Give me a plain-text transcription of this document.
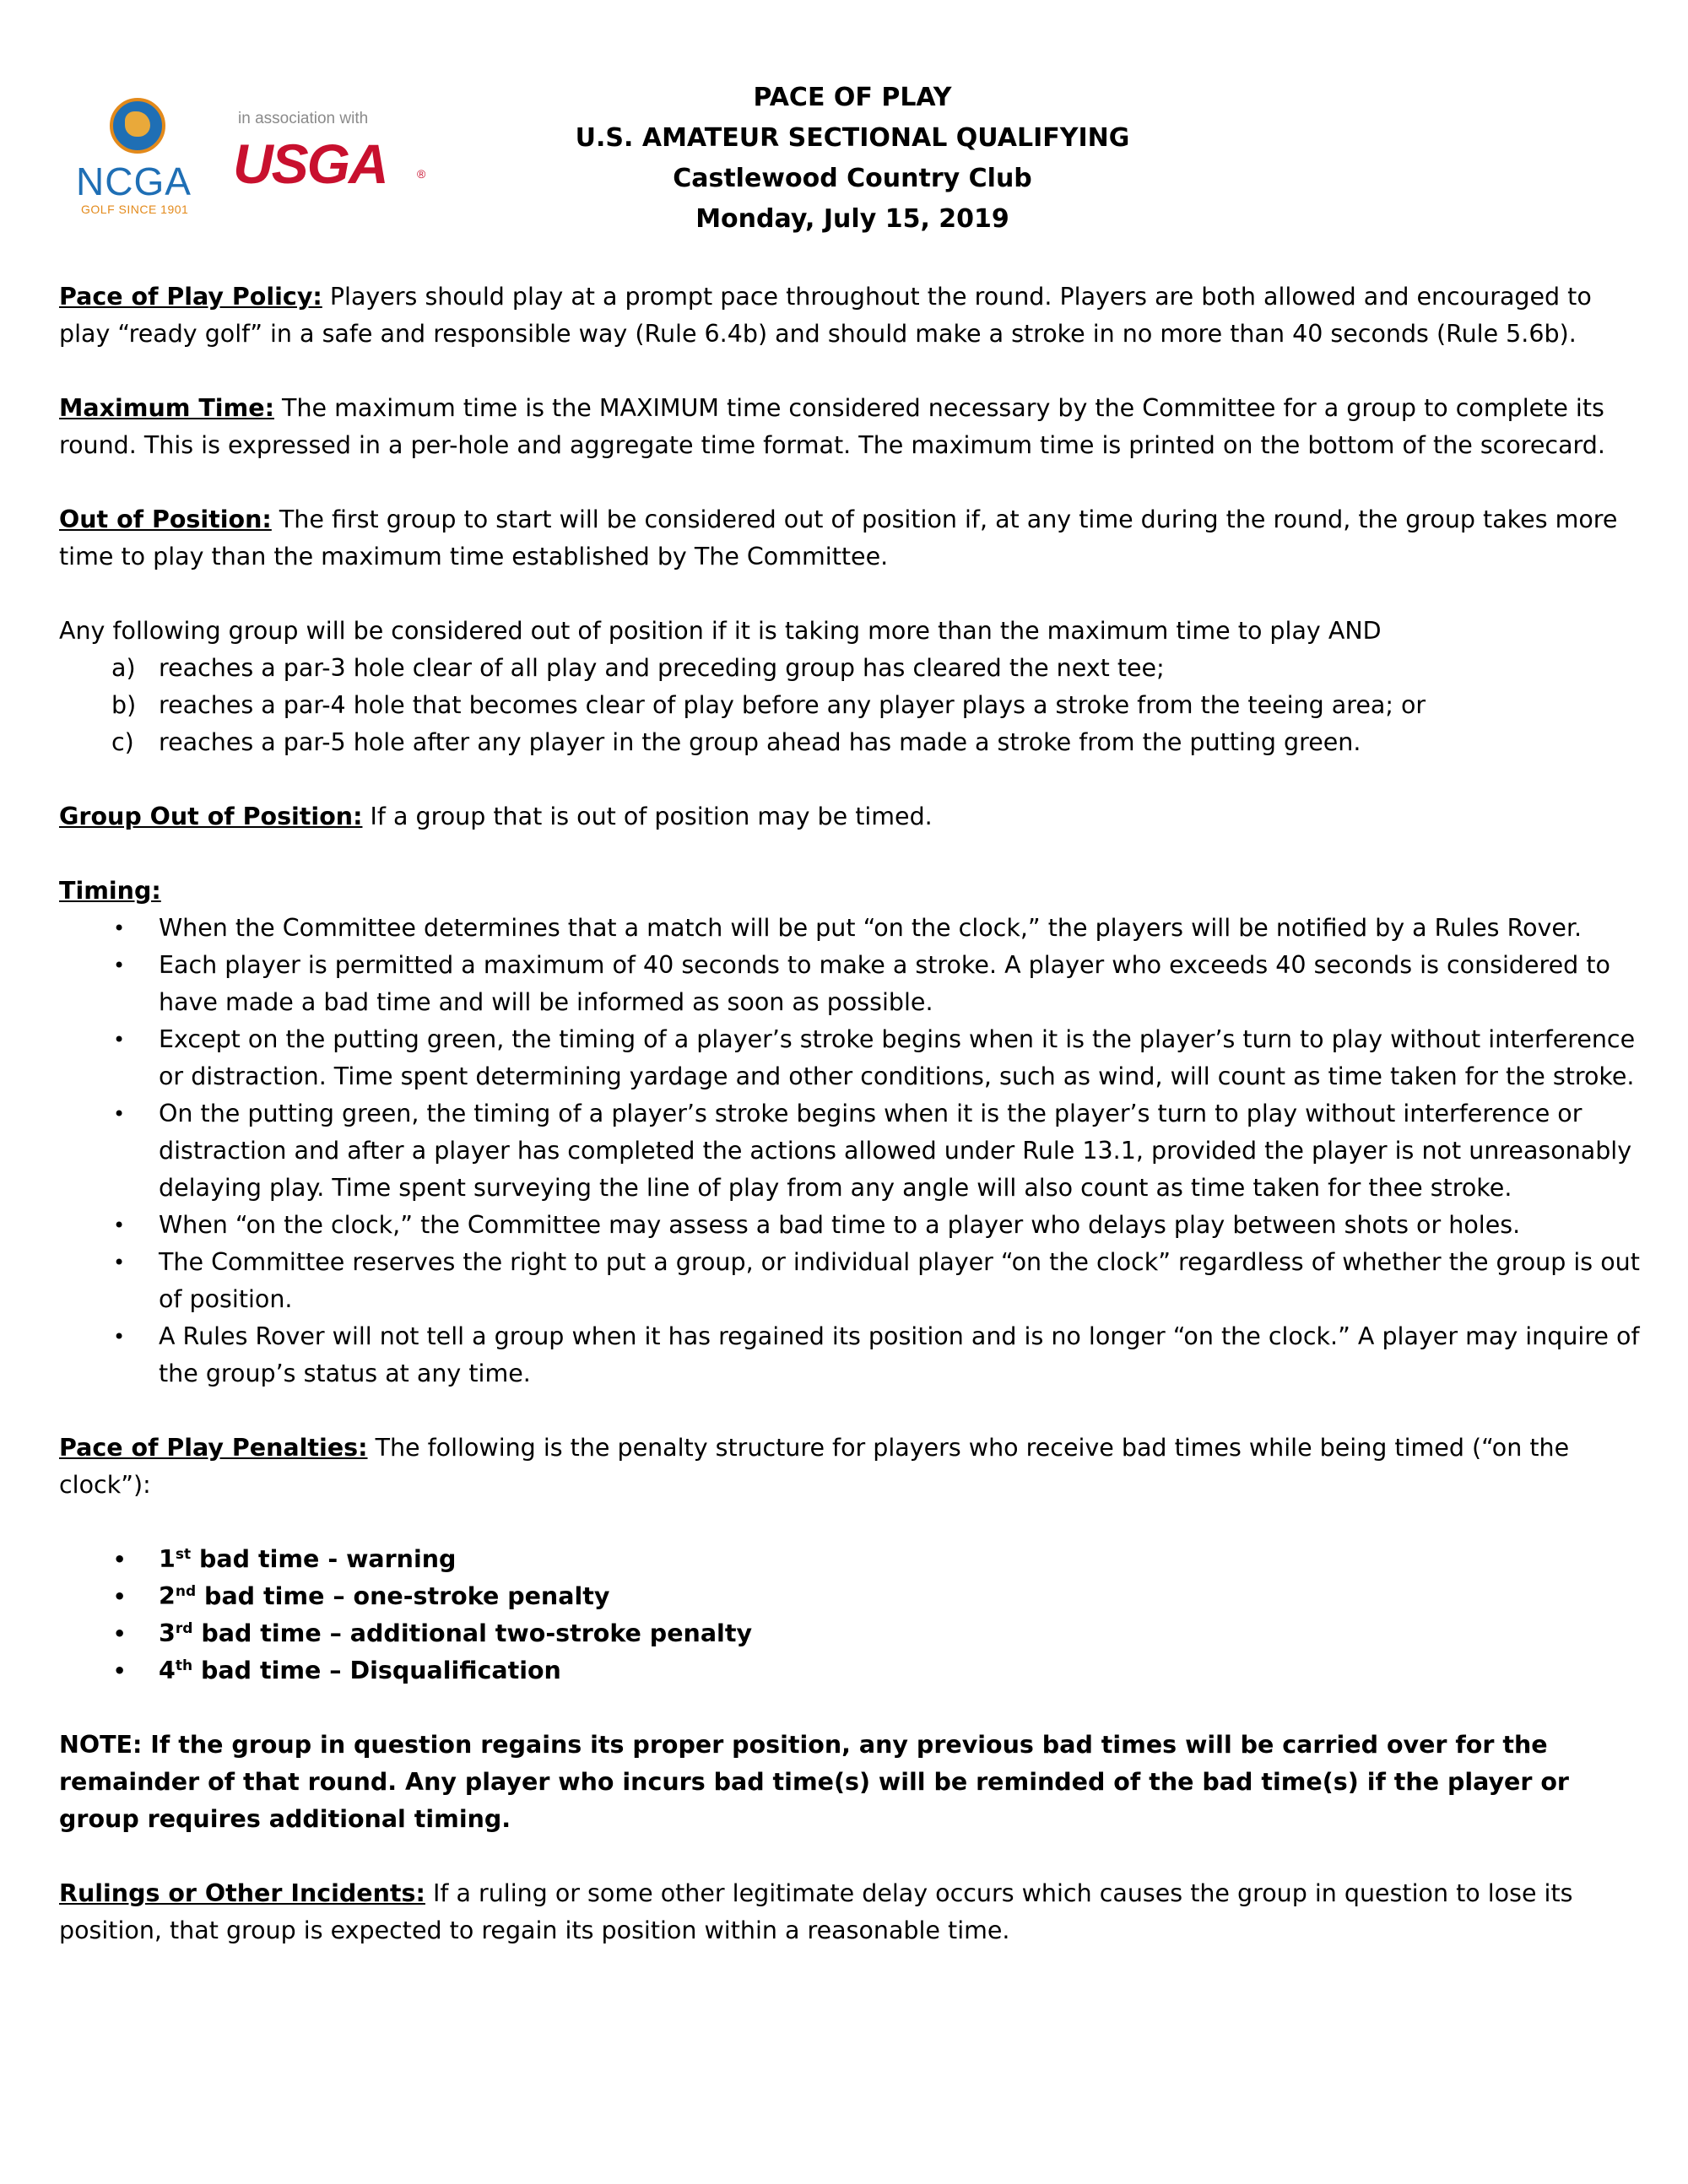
NCGA
GOLF SINCE 1901
in association with
USGA	®
PACE OF PLAY
U.S. AMATEUR SECTIONAL QUALIFYING
Castlewood Country Club
Monday, July 15, 2019

Pace of Play Policy: Players should play at a prompt pace throughout the round. Players are both allowed and encouraged to play “ready golf” in a safe and responsible way (Rule 6.4b) and should make a stroke in no more than 40 seconds (Rule 5.6b).

Maximum Time: The maximum time is the MAXIMUM time considered necessary by the Committee for a group to complete its round. This is expressed in a per-hole and aggregate time format. The maximum time is printed on the bottom of the scorecard.

Out of Position: The first group to start will be considered out of position if, at any time during the round, the group takes more time to play than the maximum time established by The Committee.

Any following group will be considered out of position if it is taking more than the maximum time to play AND

a) reaches a par-3 hole clear of all play and preceding group has cleared the next tee;
b) reaches a par-4 hole that becomes clear of play before any player plays a stroke from the teeing area; or
c) reaches a par-5 hole after any player in the group ahead has made a stroke from the putting green.

Group Out of Position: If a group that is out of position may be timed.

Timing:

• When the Committee determines that a match will be put “on the clock,” the players will be notified by a Rules Rover.
• Each player is permitted a maximum of 40 seconds to make a stroke. A player who exceeds 40 seconds is considered to have made a bad time and will be informed as soon as possible.
• Except on the putting green, the timing of a player’s stroke begins when it is the player’s turn to play without interference or distraction. Time spent determining yardage and other conditions, such as wind, will count as time taken for the stroke.
• On the putting green, the timing of a player’s stroke begins when it is the player’s turn to play without interference or distraction and after a player has completed the actions allowed under Rule 13.1, provided the player is not unreasonably delaying play. Time spent surveying the line of play from any angle will also count as time taken for thee stroke.
• When “on the clock,” the Committee may assess a bad time to a player who delays play between shots or holes.
• The Committee reserves the right to put a group, or individual player “on the clock” regardless of whether the group is out of position.
• A Rules Rover will not tell a group when it has regained its position and is no longer “on the clock.” A player may inquire of the group’s status at any time.

Pace of Play Penalties: The following is the penalty structure for players who receive bad times while being timed (“on the clock”):

• 1st bad time - warning
• 2nd bad time – one-stroke penalty
• 3rd bad time – additional two-stroke penalty
• 4th bad time – Disqualification

NOTE: If the group in question regains its proper position, any previous bad times will be carried over for the remainder of that round. Any player who incurs bad time(s) will be reminded of the bad time(s) if the player or group requires additional timing.

Rulings or Other Incidents: If a ruling or some other legitimate delay occurs which causes the group in question to lose its position, that group is expected to regain its position within a reasonable time.
